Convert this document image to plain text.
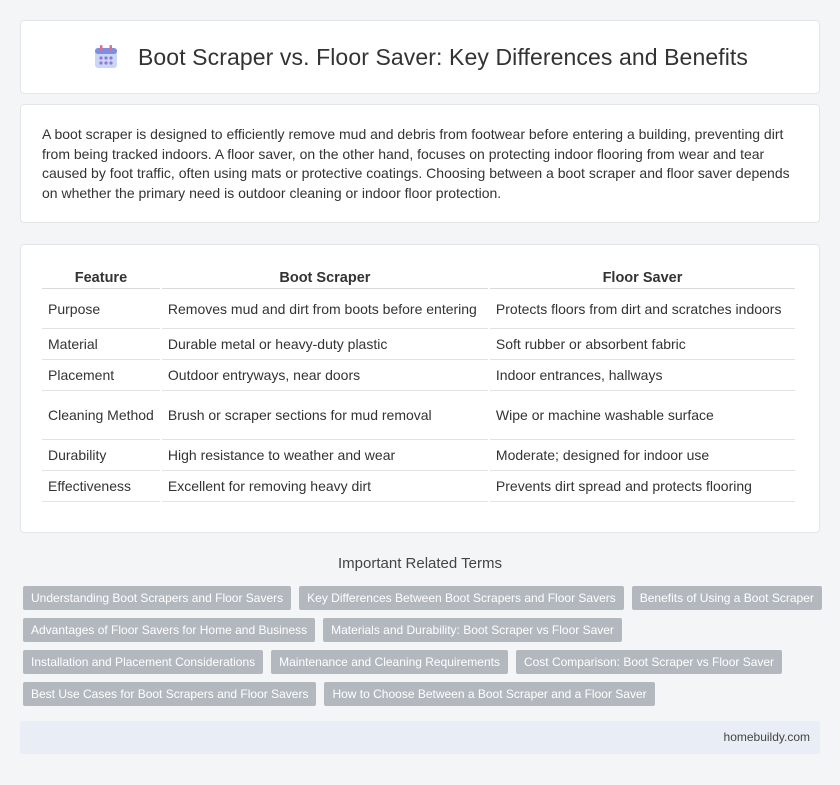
Boot Scraper vs. Floor Saver: Key Differences and Benefits

A boot scraper is designed to efficiently remove mud and debris from footwear before entering a building, preventing dirt from being tracked indoors. A floor saver, on the other hand, focuses on protecting indoor flooring from wear and tear caused by foot traffic, often using mats or protective coatings. Choosing between a boot scraper and floor saver depends on whether the primary need is outdoor cleaning or indoor floor protection.

Feature	Boot Scraper	Floor Saver
Purpose	Removes mud and dirt from boots before entering	Protects floors from dirt and scratches indoors
Material	Durable metal or heavy-duty plastic	Soft rubber or absorbent fabric
Placement	Outdoor entryways, near doors	Indoor entrances, hallways
Cleaning Method	Brush or scraper sections for mud removal	Wipe or machine washable surface
Durability	High resistance to weather and wear	Moderate; designed for indoor use
Effectiveness	Excellent for removing heavy dirt	Prevents dirt spread and protects flooring
Important Related Terms
Understanding Boot Scrapers and Floor Savers	Key Differences Between Boot Scrapers and Floor Savers	Benefits of Using a Boot Scraper
Advantages of Floor Savers for Home and Business	Materials and Durability: Boot Scraper vs Floor Saver
Installation and Placement Considerations	Maintenance and Cleaning Requirements	Cost Comparison: Boot Scraper vs Floor Saver
Best Use Cases for Boot Scrapers and Floor Savers	How to Choose Between a Boot Scraper and a Floor Saver
homebuildy.com
